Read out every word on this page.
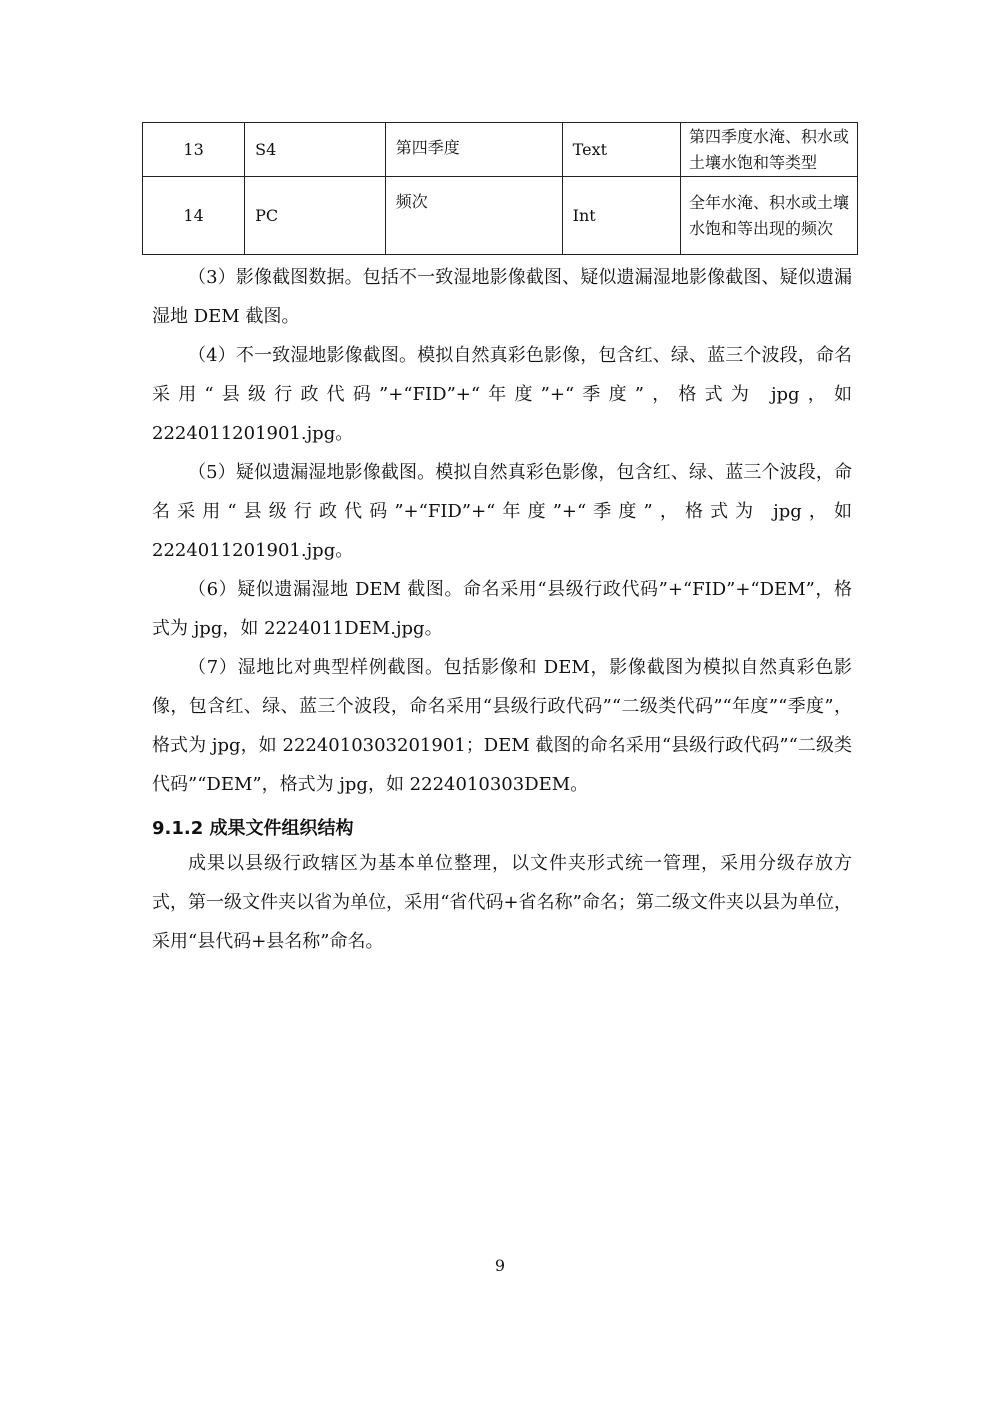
13	S4	第四季度	Text	第四季度水淹、积水或土壤水饱和等类型
14	PC	频次	Int	全年水淹、积水或土壤水饱和等出现的频次

（3）影像截图数据。包括不一致湿地影像截图、疑似遗漏湿地影像截图、疑似遗漏湿地 DEM 截图。

（4）不一致湿地影像截图。模拟自然真彩色影像，包含红、绿、蓝三个波段，命名采用“县级行政代码”+“FID”+“年度”+“季度”，格式为 jpg，如 2224011201901.jpg。

（5）疑似遗漏湿地影像截图。模拟自然真彩色影像，包含红、绿、蓝三个波段，命名采用“县级行政代码”+“FID”+“年度”+“季度”，格式为 jpg，如 2224011201901.jpg。

（6）疑似遗漏湿地 DEM 截图。命名采用“县级行政代码”+“FID”+“DEM”，格式为 jpg，如 2224011DEM.jpg。

（7）湿地比对典型样例截图。包括影像和 DEM，影像截图为模拟自然真彩色影像，包含红、绿、蓝三个波段，命名采用“县级行政代码”“二级类代码”“年度”“季度”，格式为 jpg，如 2224010303201901；DEM 截图的命名采用“县级行政代码”“二级类代码”“DEM”，格式为 jpg，如 2224010303DEM。

9.1.2 成果文件组织结构

成果以县级行政辖区为基本单位整理，以文件夹形式统一管理，采用分级存放方式，第一级文件夹以省为单位，采用“省代码+省名称”命名；第二级文件夹以县为单位，采用“县代码+县名称”命名。

9
